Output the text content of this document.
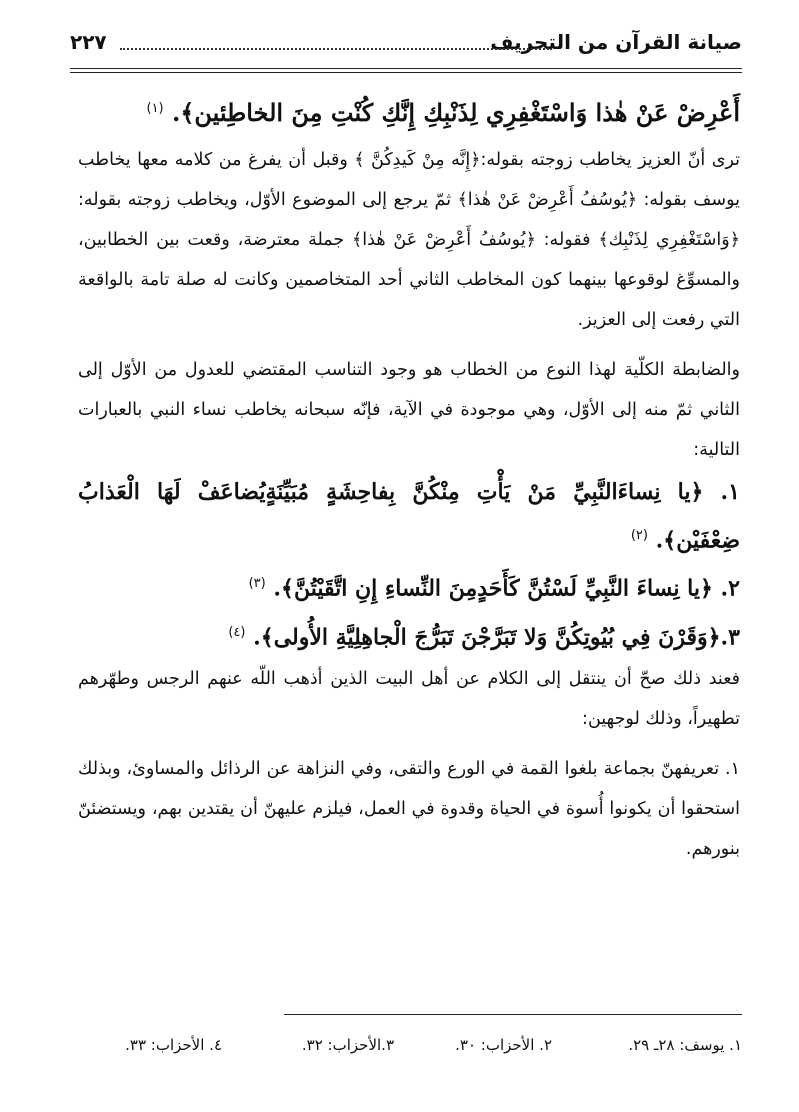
صيانة القرآن من التحريف
٢٢٧

أَعْرِضْ عَنْ هٰذا وَاسْتَغْفِرِي لِذَنْبِكِ إِنَّكِ كُنْتِ مِنَ الخاطِئين﴾. $^{(١)}$

ترى أنّ العزيز يخاطب زوجته بقوله:﴿إِنَّه مِنْ كَيدِكُنَّ ﴾ وقبل أن يفرغ من كلامه معها يخاطب يوسف بقوله: ﴿يُوسُفُ أَعْرِضْ عَنْ هٰذا﴾ ثمّ يرجع إلى الموضوع الأوّل، ويخاطب زوجته بقوله: ﴿وَاسْتَغْفِرِي لِذَنْبِك﴾ فقوله: ﴿يُوسُفُ أَعْرِضْ عَنْ هٰذا﴾ جملة معترضة، وقعت بين الخطابين، والمسوِّغ لوقوعها بينهما كون المخاطب الثاني أحد المتخاصمين وكانت له صلة تامة بالواقعة التي رفعت إلى العزيز.

والضابطة الكلّية لهذا النوع من الخطاب هو وجود التناسب المقتضي للعدول من الأوّل إلى الثاني ثمّ منه إلى الأوّل، وهي موجودة في الآية، فإنّه سبحانه يخاطب نساء النبي بالعبارات التالية:

١. ﴿يا نِساءَالنَّبِيِّ مَنْ يَأْتِ مِنْكُنَّ بِفاحِشَةٍ مُبَيِّنَةٍيُضاعَفْ لَهَا الْعَذابُ ضِعْفَيْن﴾. $^{(٢)}$

٢. ﴿يا نِساءَ النَّبِيِّ لَسْتُنَّ كَأَحَدٍمِنَ النِّساءِ إِنِ اتَّقَيْتُنَّ﴾. $^{(٣)}$

٣.﴿وَقَرْنَ فِي بُيُوتِكُنَّ وَلا تَبَرَّجْنَ تَبَرُّجَ الْجاهِلِيَّةِ الأُولى﴾. $^{(٤)}$

فعند ذلك صحّ أن ينتقل إلى الكلام عن أهل البيت الذين أذهب اللّه عنهم الرجس وطهّرهم تطهيراً، وذلك لوجهين:

١. تعريفهنّ بجماعة بلغوا القمة في الورع والتقى، وفي النزاهة عن الرذائل والمساوئ، وبذلك استحقوا أن يكونوا أُسوة في الحياة وقدوة في العمل، فيلزم عليهنّ أن يقتدين بهم، ويستضئنّ بنورهم.

١. يوسف: ٢٨ـ ٢٩.
٢. الأحزاب: ٣٠.
٣.الأحزاب: ٣٢.
٤. الأحزاب: ٣٣.
